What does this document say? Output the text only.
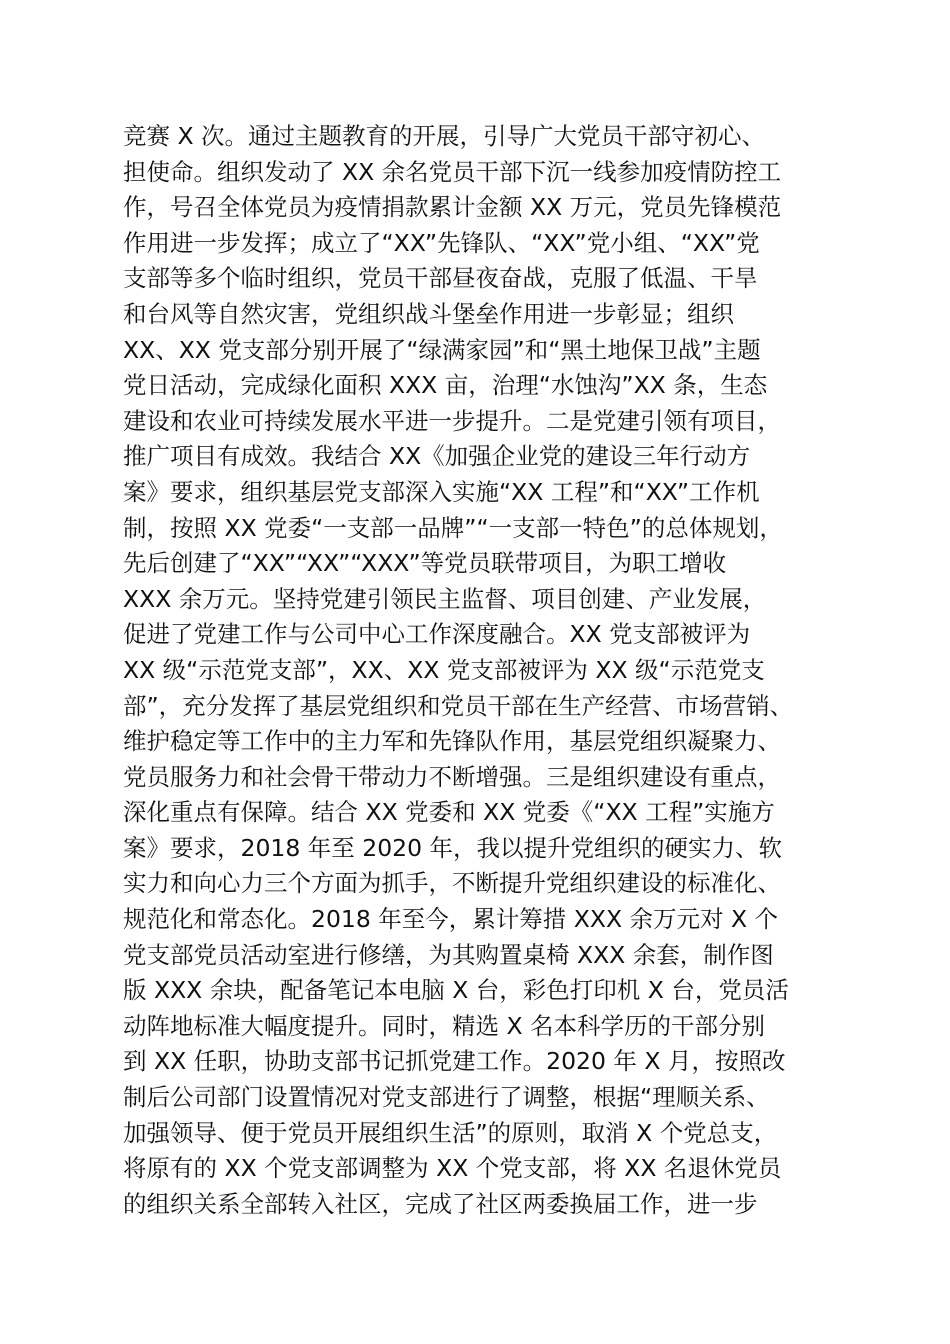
竞赛 X 次。通过主题教育的开展，引导广大党员干部守初心、
担使命。组织发动了 XX 余名党员干部下沉一线参加疫情防控工
作，号召全体党员为疫情捐款累计金额 XX 万元，党员先锋模范
作用进一步发挥；成立了“XX”先锋队、“XX”党小组、“XX”党
支部等多个临时组织，党员干部昼夜奋战，克服了低温、干旱
和台风等自然灾害，党组织战斗堡垒作用进一步彰显；组织
XX、XX 党支部分别开展了“绿满家园”和“黑土地保卫战”主题
党日活动，完成绿化面积 XXX 亩，治理“水蚀沟”XX 条，生态
建设和农业可持续发展水平进一步提升。二是党建引领有项目，
推广项目有成效。我结合 XX《加强企业党的建设三年行动方
案》要求，组织基层党支部深入实施“XX 工程”和“XX”工作机
制，按照 XX 党委“一支部一品牌”“一支部一特色”的总体规划，
先后创建了“XX”“XX”“XXX”等党员联带项目，为职工增收
XXX 余万元。坚持党建引领民主监督、项目创建、产业发展，
促进了党建工作与公司中心工作深度融合。XX 党支部被评为
XX 级“示范党支部”，XX、XX 党支部被评为 XX 级“示范党支
部”，充分发挥了基层党组织和党员干部在生产经营、市场营销、
维护稳定等工作中的主力军和先锋队作用，基层党组织凝聚力、
党员服务力和社会骨干带动力不断增强。三是组织建设有重点，
深化重点有保障。结合 XX 党委和 XX 党委《“XX 工程”实施方
案》要求，2018 年至 2020 年，我以提升党组织的硬实力、软
实力和向心力三个方面为抓手，不断提升党组织建设的标准化、
规范化和常态化。2018 年至今，累计筹措 XXX 余万元对 X 个
党支部党员活动室进行修缮，为其购置桌椅 XXX 余套，制作图
版 XXX 余块，配备笔记本电脑 X 台，彩色打印机 X 台，党员活
动阵地标准大幅度提升。同时，精选 X 名本科学历的干部分别
到 XX 任职，协助支部书记抓党建工作。2020 年 X 月，按照改
制后公司部门设置情况对党支部进行了调整，根据“理顺关系、
加强领导、便于党员开展组织生活”的原则，取消 X 个党总支，
将原有的 XX 个党支部调整为 XX 个党支部，将 XX 名退休党员
的组织关系全部转入社区，完成了社区两委换届工作，进一步
